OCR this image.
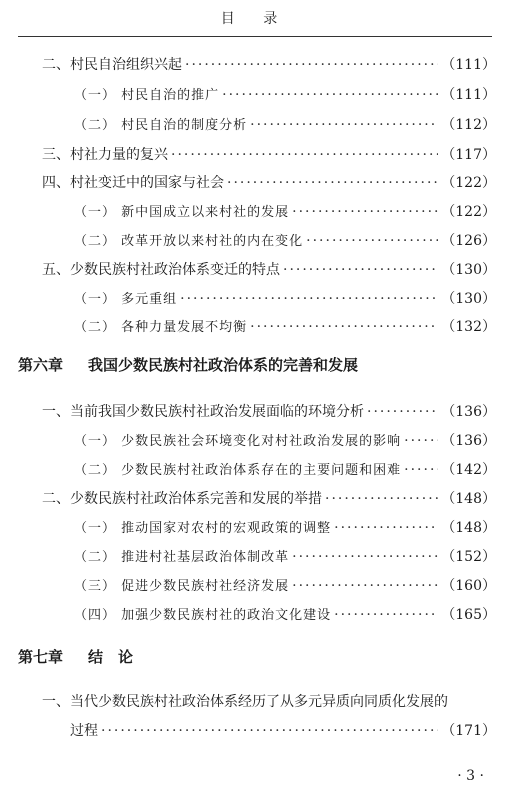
目 录
二、村民自治组织兴起 ·····	（111）
（一） 村民自治的推广 ·····	（111）
（二） 村民自治的制度分析 ·····	（112）
三、村社力量的复兴 ·····	（117）
四、村社变迁中的国家与社会 ·····	（122）
（一） 新中国成立以来村社的发展 ·····	（122）
（二） 改革开放以来村社的内在变化 ·····	（126）
五、少数民族村社政治体系变迁的特点 ·····	（130）
（一） 多元重组 ·····	（130）
（二） 各种力量发展不均衡 ·····	（132）
第六章 我国少数民族村社政治体系的完善和发展
一、当前我国少数民族村社政治发展面临的环境分析 ·····	（136）
（一） 少数民族社会环境变化对村社政治发展的影响 ·····	（136）
（二） 少数民族村社政治体系存在的主要问题和困难 ·····	（142）
二、少数民族村社政治体系完善和发展的举措 ·····	（148）
（一） 推动国家对农村的宏观政策的调整 ·····	（148）
（二） 推进村社基层政治体制改革 ·····	（152）
（三） 促进少数民族村社经济发展 ·····	（160）
（四） 加强少数民族村社的政治文化建设 ·····	（165）
第七章 结　论
一、当代少数民族村社政治体系经历了从多元异质向同质化发展的
过程 ·····	（171）
· 3 ·
